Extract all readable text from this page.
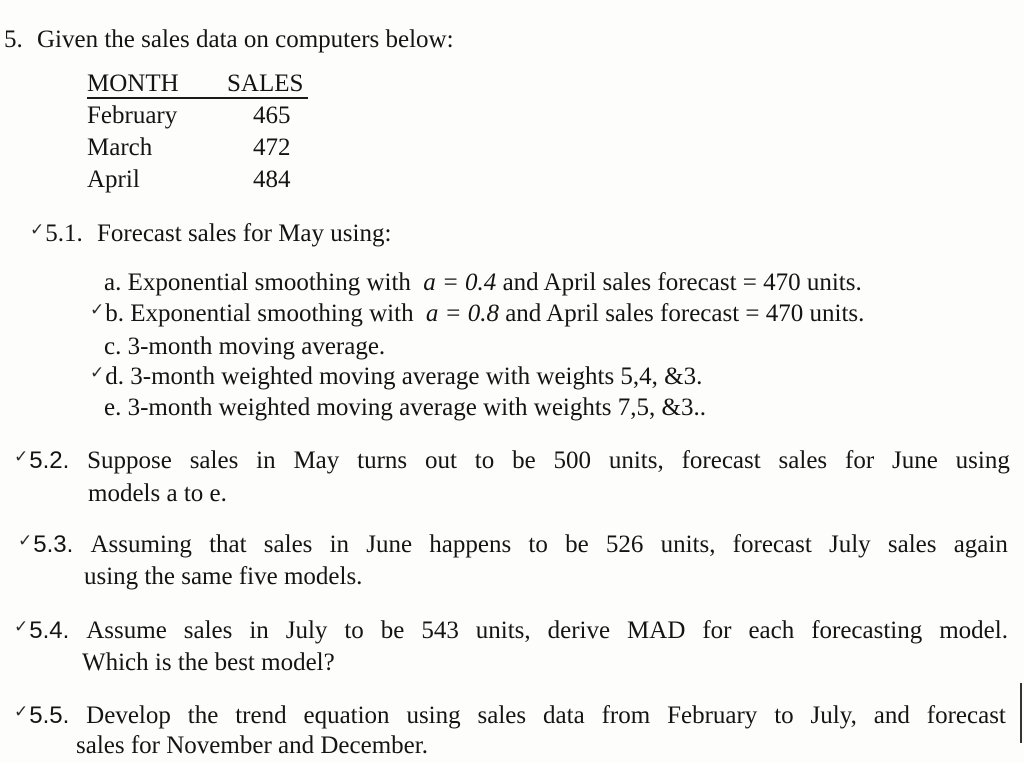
5. Given the sales data on computers below:
MONTH SALES
February	465
March	472
April	484
✓5.1. Forecast sales for May using:
a. Exponential smoothing with a = 0.4 and April sales forecast = 470 units.
✓b. Exponential smoothing with a = 0.8 and April sales forecast = 470 units.
c. 3-month moving average.
✓d. 3-month weighted moving average with weights 5,4, &3.
e. 3-month weighted moving average with weights 7,5, &3..
✓5.2. Suppose sales in May turns out to be 500 units, forecast sales for June using
models a to e.
✓5.3. Assuming that sales in June happens to be 526 units, forecast July sales again
using the same five models.
✓5.4. Assume sales in July to be 543 units, derive MAD for each forecasting model.
Which is the best model?
✓5.5. Develop the trend equation using sales data from February to July, and forecast
sales for November and December.
